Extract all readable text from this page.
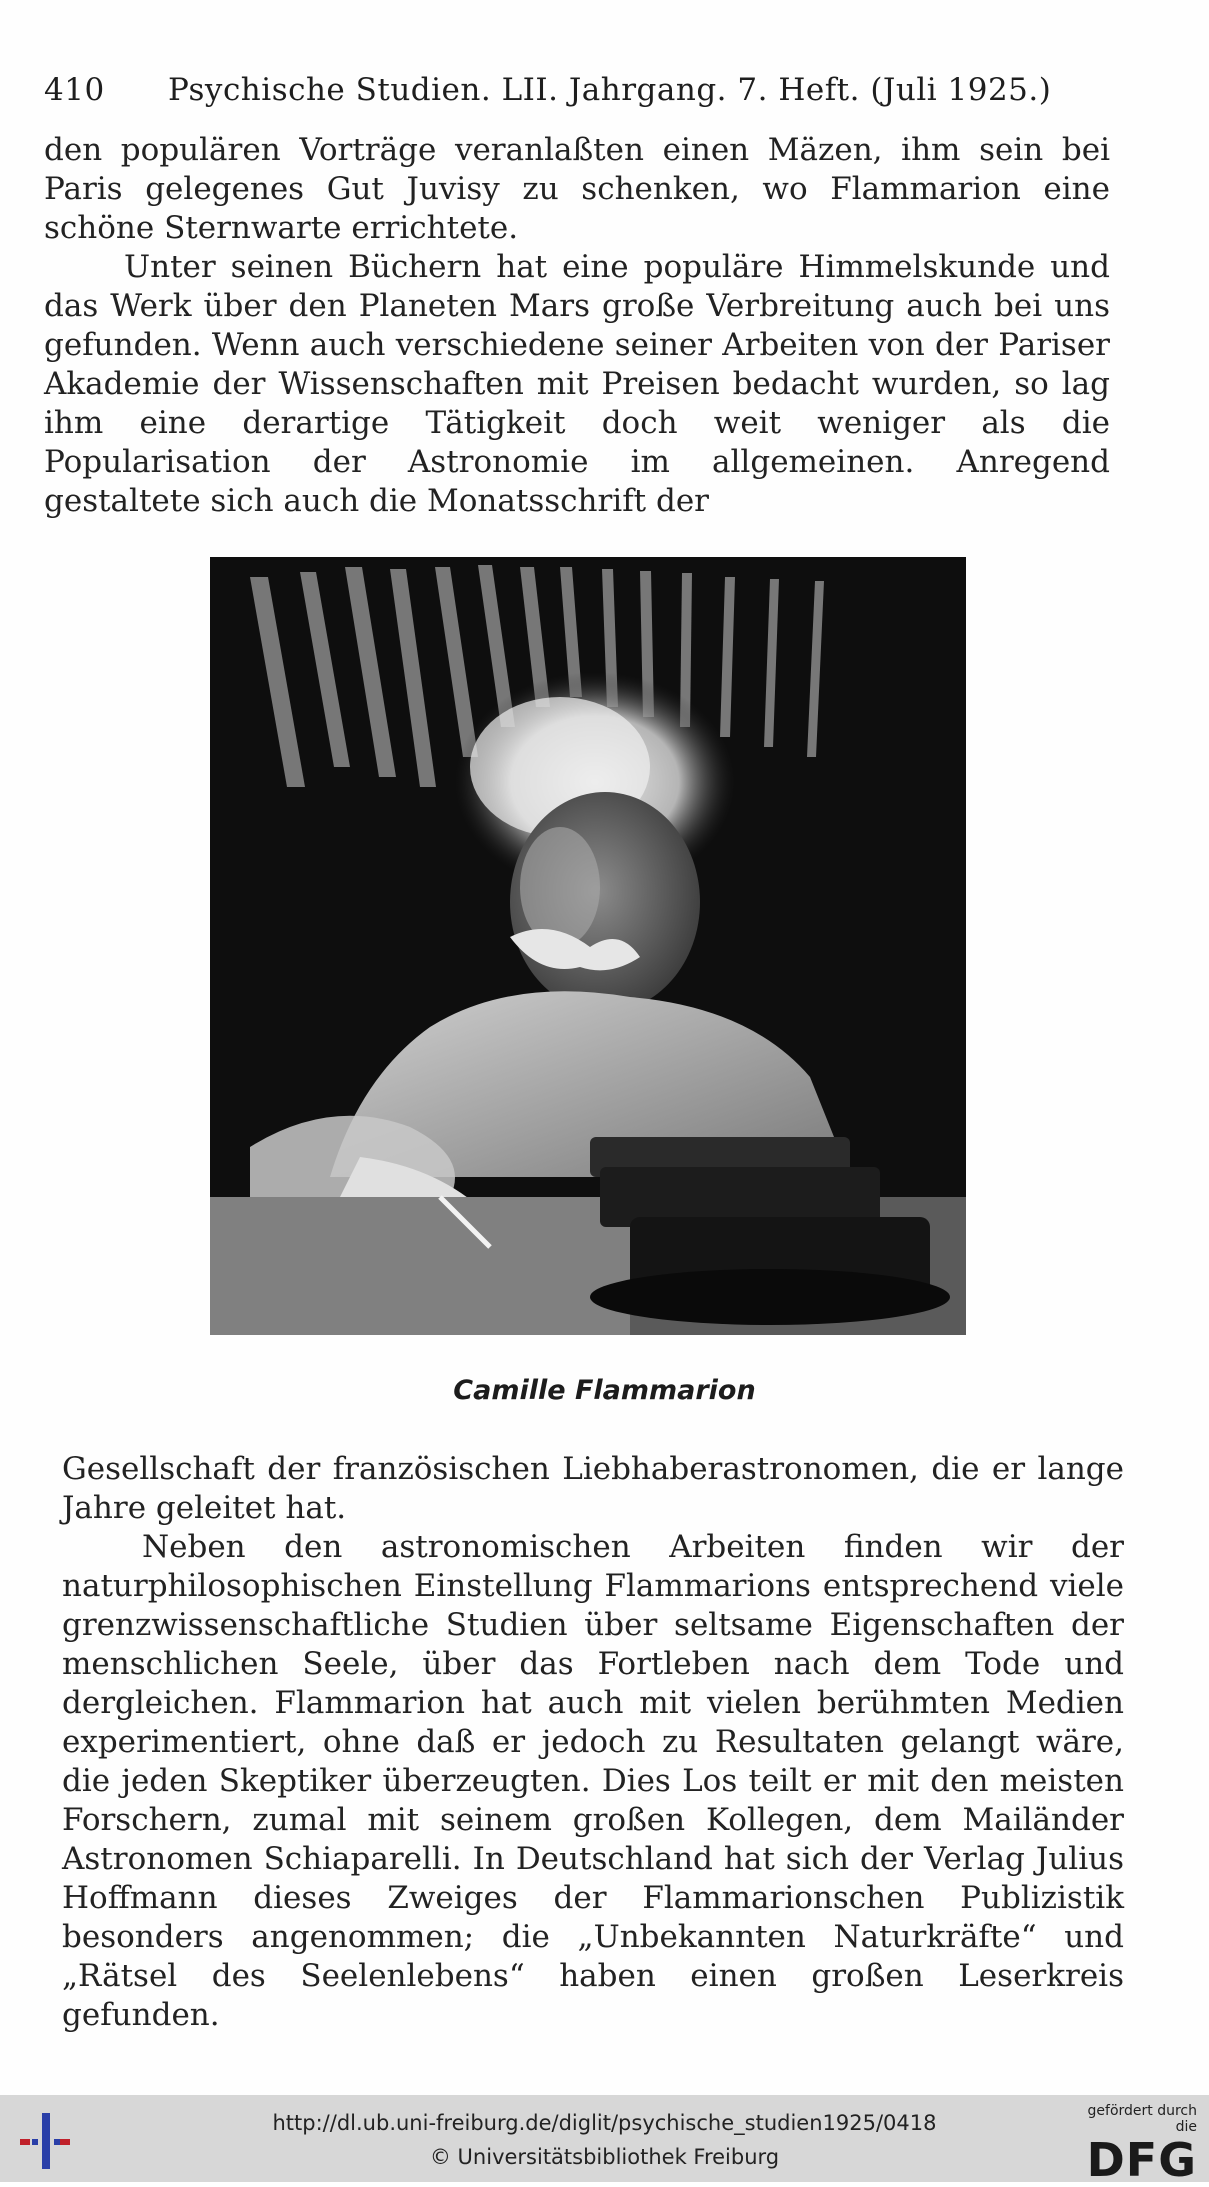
410 Psychische Studien. LII. Jahrgang. 7. Heft. (Juli 1925.)
den populären Vorträge veranlaßten einen Mäzen, ihm sein bei Paris gelegenes Gut Juvisy zu schenken, wo Flammarion eine schöne Sternwarte errichtete.
Unter seinen Büchern hat eine populäre Himmelskunde und das Werk über den Planeten Mars große Verbreitung auch bei uns gefunden. Wenn auch verschiedene seiner Arbeiten von der Pariser Akademie der Wissenschaften mit Preisen bedacht wurden, so lag ihm eine derartige Tätigkeit doch weit weniger als die Popularisation der Astronomie im allgemeinen. Anregend gestaltete sich auch die Monatsschrift der
Camille Flammarion
Gesellschaft der französischen Liebhaberastronomen, die er lange Jahre geleitet hat.
Neben den astronomischen Arbeiten finden wir der naturphilosophischen Einstellung Flammarions entsprechend viele grenzwissenschaftliche Studien über seltsame Eigenschaften der menschlichen Seele, über das Fortleben nach dem Tode und dergleichen. Flammarion hat auch mit vielen berühmten Medien experimentiert, ohne daß er jedoch zu Resultaten gelangt wäre, die jeden Skeptiker überzeugten. Dies Los teilt er mit den meisten Forschern, zumal mit seinem großen Kollegen, dem Mailänder Astronomen Schiaparelli. In Deutschland hat sich der Verlag Julius Hoffmann dieses Zweiges der Flammarionschen Publizistik besonders angenommen; die „Unbekannten Naturkräfte“ und „Rätsel des Seelenlebens“ haben einen großen Leserkreis gefunden.
http://dl.ub.uni-freiburg.de/diglit/psychische_studien1925/0418
© Universitätsbibliothek Freiburg
gefördert durch die
DFG
